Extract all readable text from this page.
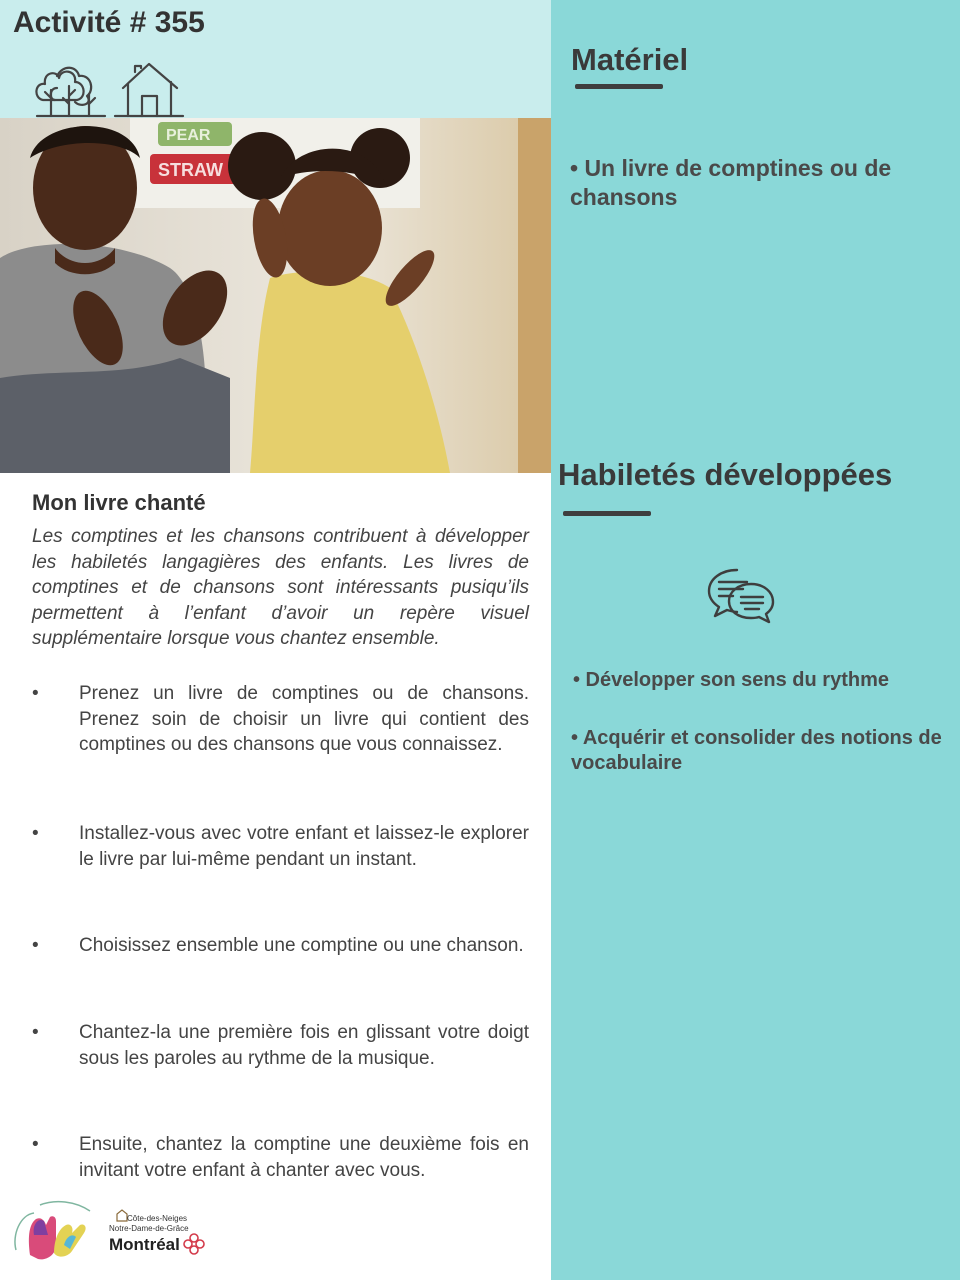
Activité # 355
PEAR
STRAW
Matériel
• Un livre de comptines ou de chansons
Habiletés développées
• Développer son sens du rythme
• Acquérir et consolider des notions de vocabulaire
Mon livre chanté
Les comptines et les chansons contribuent à développer les habiletés langagières des enfants. Les livres de comptines et de chansons sont intéressants pusiqu’ils permettent à l’enfant d’avoir un repère visuel supplémentaire lorsque vous chantez ensemble.
•	Prenez un livre de comptines ou de chansons. Prenez soin de choisir un livre qui contient des comptines ou des chansons que vous connaissez.
•	Installez-vous avec votre enfant et laissez-le explorer le livre par lui-même pendant un instant.
•	Choisissez ensemble une comptine ou une chanson.
•	Chantez-la une première fois en glissant votre doigt sous les paroles au rythme de la musique.
•	Ensuite, chantez la comptine une deuxième fois en invitant votre enfant à chanter avec vous.
Côte-des-Neiges
Notre-Dame-de-Grâce
Montréal
